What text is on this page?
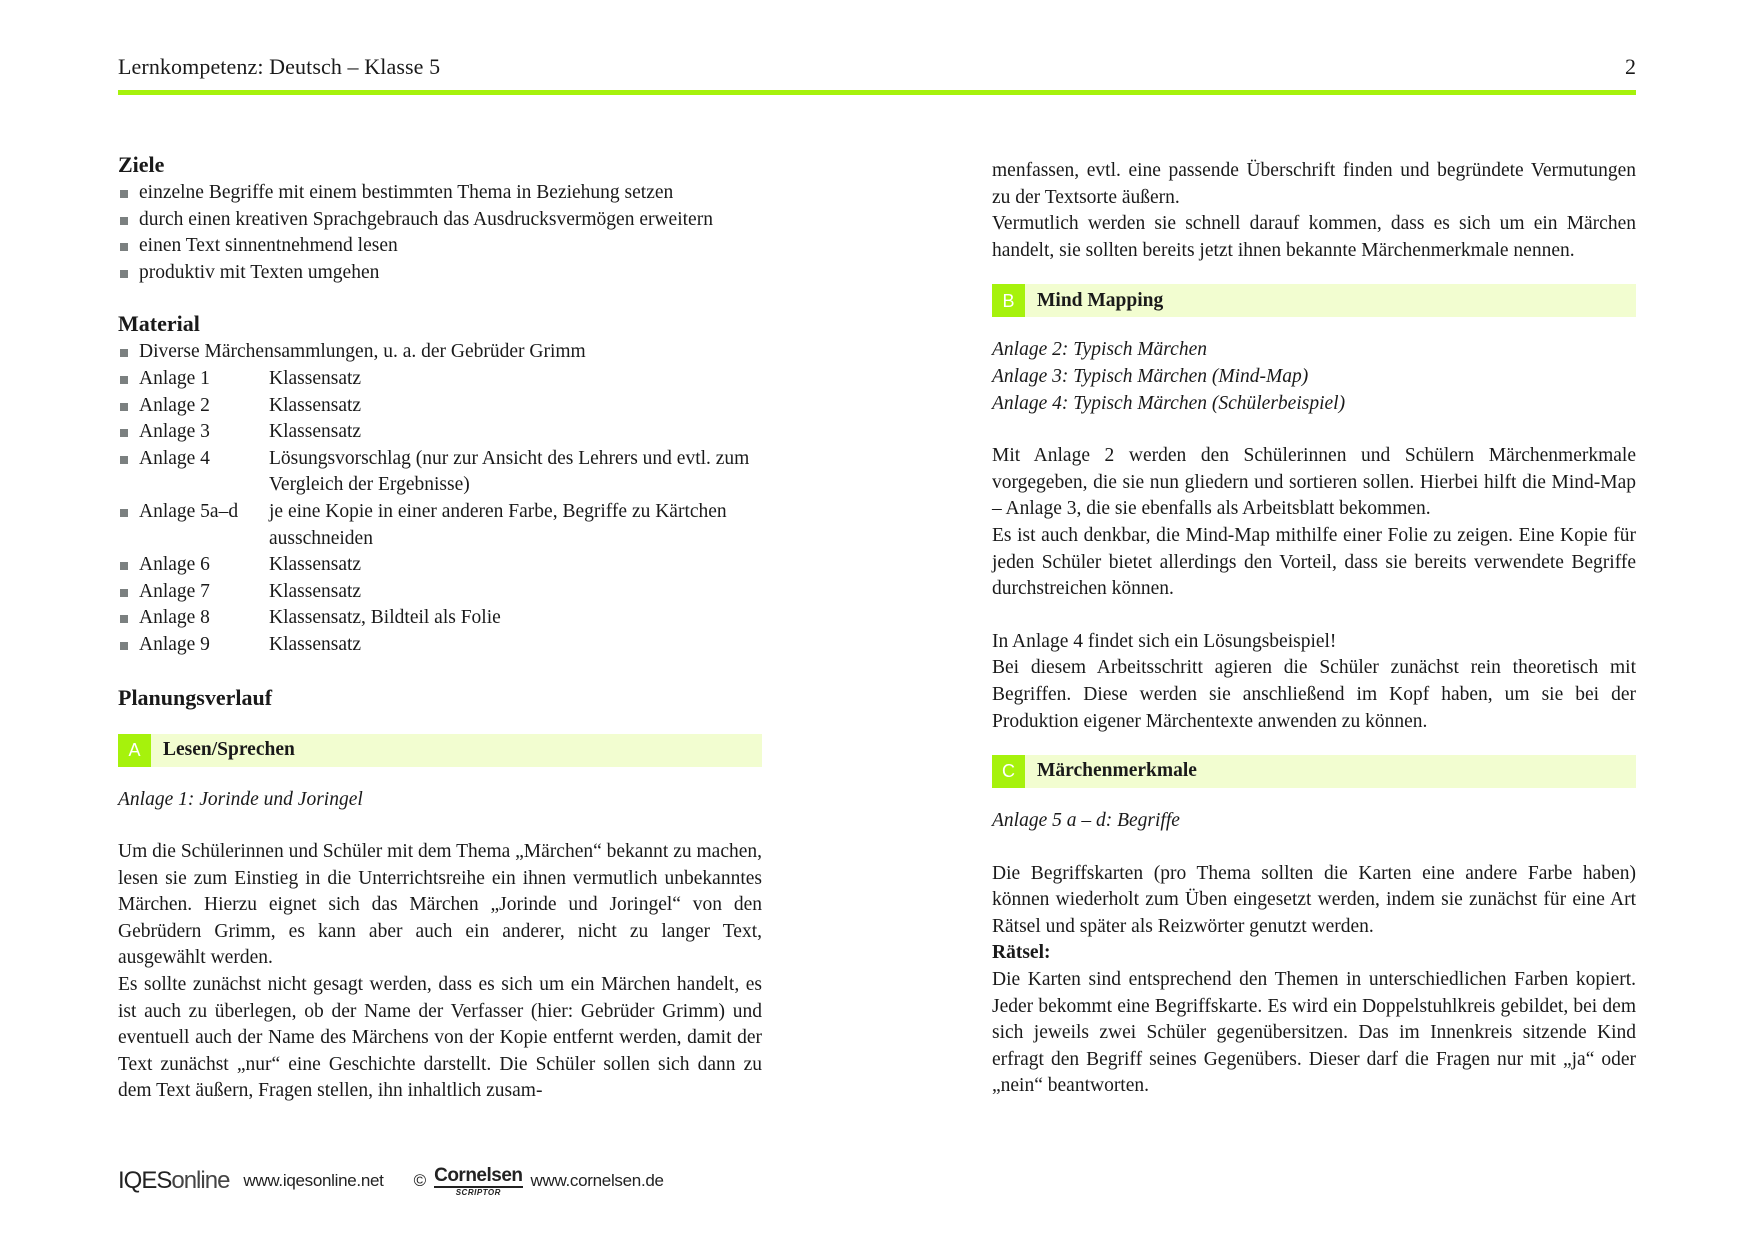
Lernkompetenz: Deutsch – Klasse 5	2
Ziele
einzelne Begriffe mit einem bestimmten Thema in Beziehung setzen
durch einen kreativen Sprachgebrauch das Ausdrucksvermögen erweitern
einen Text sinnentnehmend lesen
produktiv mit Texten umgehen
Material
Diverse Märchensammlungen, u. a. der Gebrüder Grimm
Anlage 1	Klassensatz
Anlage 2	Klassensatz
Anlage 3	Klassensatz
Anlage 4	Lösungsvorschlag (nur zur Ansicht des Lehrers und evtl. zum Vergleich der Ergebnisse)
Anlage 5a–d	je eine Kopie in einer anderen Farbe, Begriffe zu Kärtchen ausschneiden
Anlage 6	Klassensatz
Anlage 7	Klassensatz
Anlage 8	Klassensatz, Bildteil als Folie
Anlage 9	Klassensatz
Planungsverlauf
A	Lesen/Sprechen

Anlage 1: Jorinde und Joringel

Um die Schülerinnen und Schüler mit dem Thema „Märchen“ bekannt zu machen, lesen sie zum Einstieg in die Unterrichtsreihe ein ihnen vermutlich unbekanntes Märchen. Hierzu eignet sich das Märchen „Jorinde und Joringel“ von den Gebrüdern Grimm, es kann aber auch ein anderer, nicht zu langer Text, ausgewählt werden.

Es sollte zunächst nicht gesagt werden, dass es sich um ein Märchen handelt, es ist auch zu überlegen, ob der Name der Verfasser (hier: Gebrüder Grimm) und eventuell auch der Name des Märchens von der Kopie entfernt werden, damit der Text zunächst „nur“ eine Geschichte darstellt. Die Schüler sollen sich dann zu dem Text äußern, Fragen stellen, ihn inhaltlich zusam-

menfassen, evtl. eine passende Überschrift finden und begründete Vermutungen zu der Textsorte äußern.

Vermutlich werden sie schnell darauf kommen, dass es sich um ein Märchen handelt, sie sollten bereits jetzt ihnen bekannte Märchenmerkmale nennen.

B	Mind Mapping

Anlage 2: Typisch Märchen

Anlage 3: Typisch Märchen (Mind-Map)

Anlage 4: Typisch Märchen (Schülerbeispiel)

Mit Anlage 2 werden den Schülerinnen und Schülern Märchenmerkmale vorgegeben, die sie nun gliedern und sortieren sollen. Hierbei hilft die Mind-Map – Anlage 3, die sie ebenfalls als Arbeitsblatt bekommen.

Es ist auch denkbar, die Mind-Map mithilfe einer Folie zu zeigen. Eine Kopie für jeden Schüler bietet allerdings den Vorteil, dass sie bereits verwendete Begriffe durchstreichen können.

In Anlage 4 findet sich ein Lösungsbeispiel!

Bei diesem Arbeitsschritt agieren die Schüler zunächst rein theoretisch mit Begriffen. Diese werden sie anschließend im Kopf haben, um sie bei der Produktion eigener Märchentexte anwenden zu können.

C	Märchenmerkmale

Anlage 5 a – d: Begriffe

Die Begriffskarten (pro Thema sollten die Karten eine andere Farbe haben) können wiederholt zum Üben eingesetzt werden, indem sie zunächst für eine Art Rätsel und später als Reizwörter genutzt werden.

Rätsel:

Die Karten sind entsprechend den Themen in unterschiedlichen Farben kopiert. Jeder bekommt eine Begriffskarte. Es wird ein Doppelstuhlkreis gebildet, bei dem sich jeweils zwei Schüler gegenübersitzen. Das im Innenkreis sitzende Kind erfragt den Begriff seines Gegenübers. Dieser darf die Fragen nur mit „ja“ oder „nein“ beantworten.

IQESonline www.iqesonline.net © Cornelsen
SCRIPTOR
www.cornelsen.de
